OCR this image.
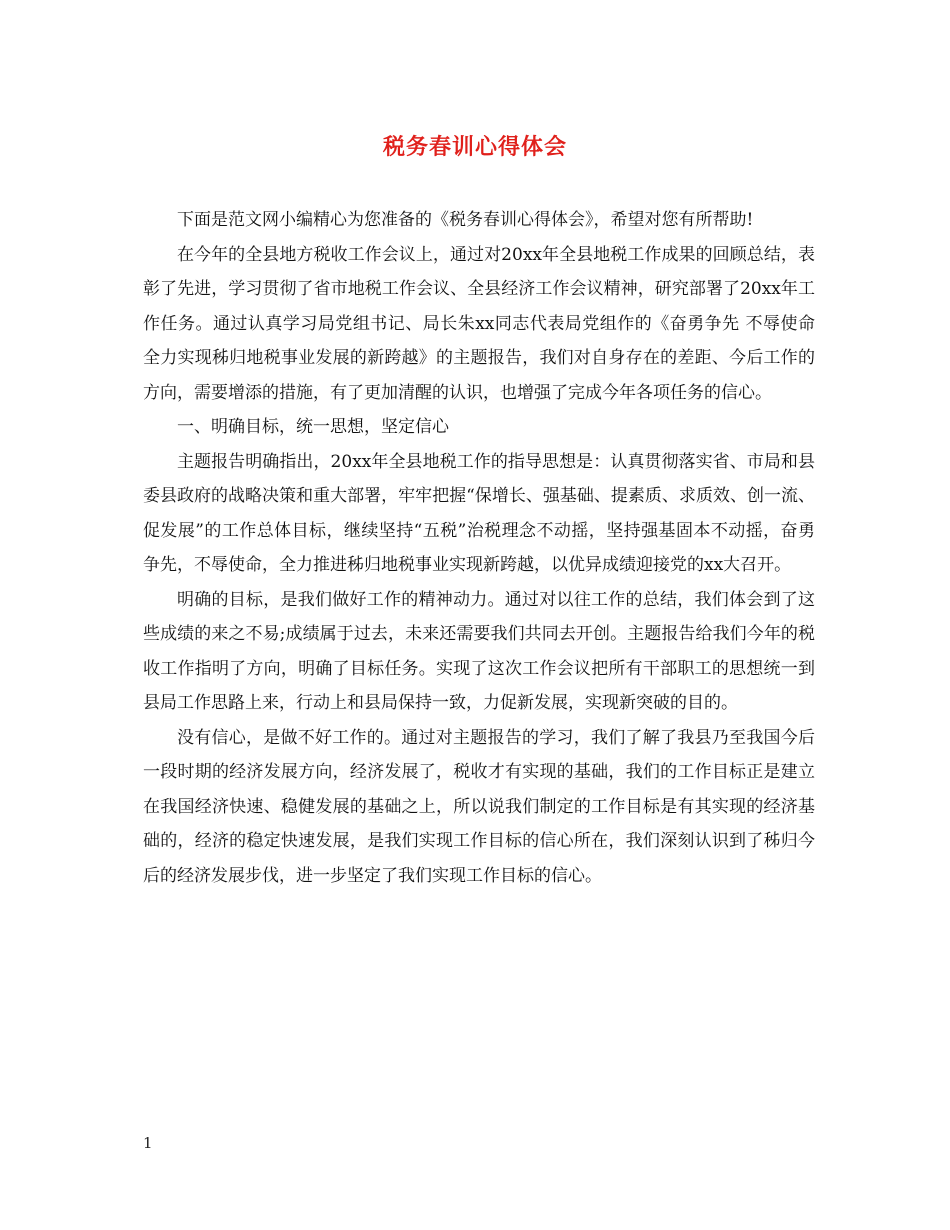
税务春训心得体会

下面是范文网小编精心为您准备的《税务春训心得体会》，希望对您有所帮助!

在今年的全县地方税收工作会议上，通过对20xx年全县地税工作成果的回顾总结，表彰了先进，学习贯彻了省市地税工作会议、全县经济工作会议精神，研究部署了20xx年工作任务。通过认真学习局党组书记、局长朱xx同志代表局党组作的《奋勇争先 不辱使命 全力实现秭归地税事业发展的新跨越》的主题报告，我们对自身存在的差距、今后工作的方向，需要增添的措施，有了更加清醒的认识，也增强了完成今年各项任务的信心。

一、明确目标，统一思想，坚定信心

主题报告明确指出，20xx年全县地税工作的指导思想是：认真贯彻落实省、市局和县委县政府的战略决策和重大部署，牢牢把握“保增长、强基础、提素质、求质效、创一流、促发展”的工作总体目标，继续坚持“五税”治税理念不动摇，坚持强基固本不动摇，奋勇争先，不辱使命，全力推进秭归地税事业实现新跨越，以优异成绩迎接党的xx大召开。

明确的目标，是我们做好工作的精神动力。通过对以往工作的总结，我们体会到了这些成绩的来之不易;成绩属于过去，未来还需要我们共同去开创。主题报告给我们今年的税收工作指明了方向，明确了目标任务。实现了这次工作会议把所有干部职工的思想统一到县局工作思路上来，行动上和县局保持一致，力促新发展，实现新突破的目的。

没有信心，是做不好工作的。通过对主题报告的学习，我们了解了我县乃至我国今后一段时期的经济发展方向，经济发展了，税收才有实现的基础，我们的工作目标正是建立在我国经济快速、稳健发展的基础之上，所以说我们制定的工作目标是有其实现的经济基础的，经济的稳定快速发展，是我们实现工作目标的信心所在，我们深刻认识到了秭归今后的经济发展步伐，进一步坚定了我们实现工作目标的信心。

1
